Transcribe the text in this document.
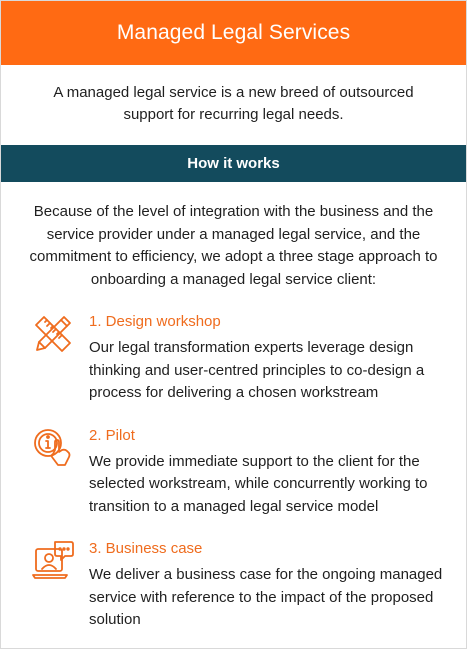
Managed Legal Services
A managed legal service is a new breed of outsourced support for recurring legal needs.
How it works
Because of the level of integration with the business and the service provider under a managed legal service, and the commitment to efficiency, we adopt a three stage approach to onboarding a managed legal service client:
1. Design workshop
Our legal transformation experts leverage design thinking and user-centred principles to co-design a process for delivering a chosen workstream
2. Pilot
We provide immediate support to the client for the selected workstream, while concurrently working to transition to a managed legal service model
3. Business case
We deliver a business case for the ongoing managed service with reference to the impact of the proposed solution
